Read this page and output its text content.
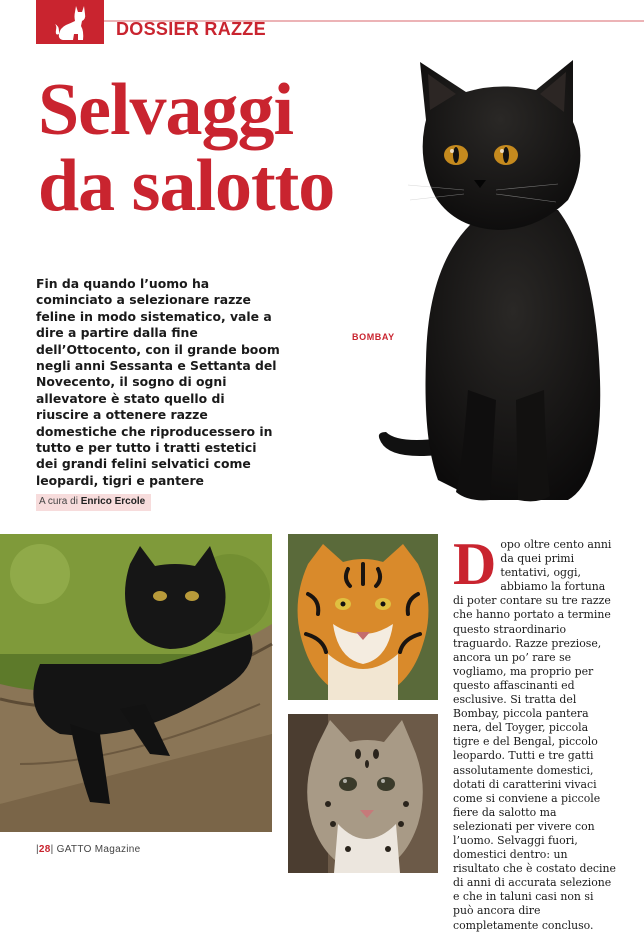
DOSSIER RAZZE
Selvaggi
da salotto
BOMBAY

Fin da quando l’uomo ha cominciato a selezionare razze feline in modo sistematico, vale a dire a partire dalla fine dell’Ottocento, con il grande boom negli anni Sessanta e Settanta del Novecento, il sogno di ogni allevatore è stato quello di riuscire a ottenere razze domestiche che riproducessero in tutto e per tutto i tratti estetici dei grandi felini selvatici come leopardi, tigri e pantere

A cura di Enrico Ercole
Dopo oltre cento anni da quei primi tentativi, oggi, abbiamo la fortuna di poter contare su tre razze che hanno portato a termine questo straordinario traguardo. Razze preziose, ancora un po’ rare se vogliamo, ma proprio per questo affascinanti ed esclusive. Si tratta del Bombay, piccola pantera nera, del Toyger, piccola tigre e del Bengal, piccolo leopardo. Tutti e tre gatti assolutamente domestici, dotati di caratterini vivaci come si conviene a piccole fiere da salotto ma selezionati per vivere con l’uomo. Selvaggi fuori, domestici dentro: un risultato che è costato decine di anni di accurata selezione e che in taluni casi non si può ancora dire completamente concluso.
|28| GATTO Magazine
